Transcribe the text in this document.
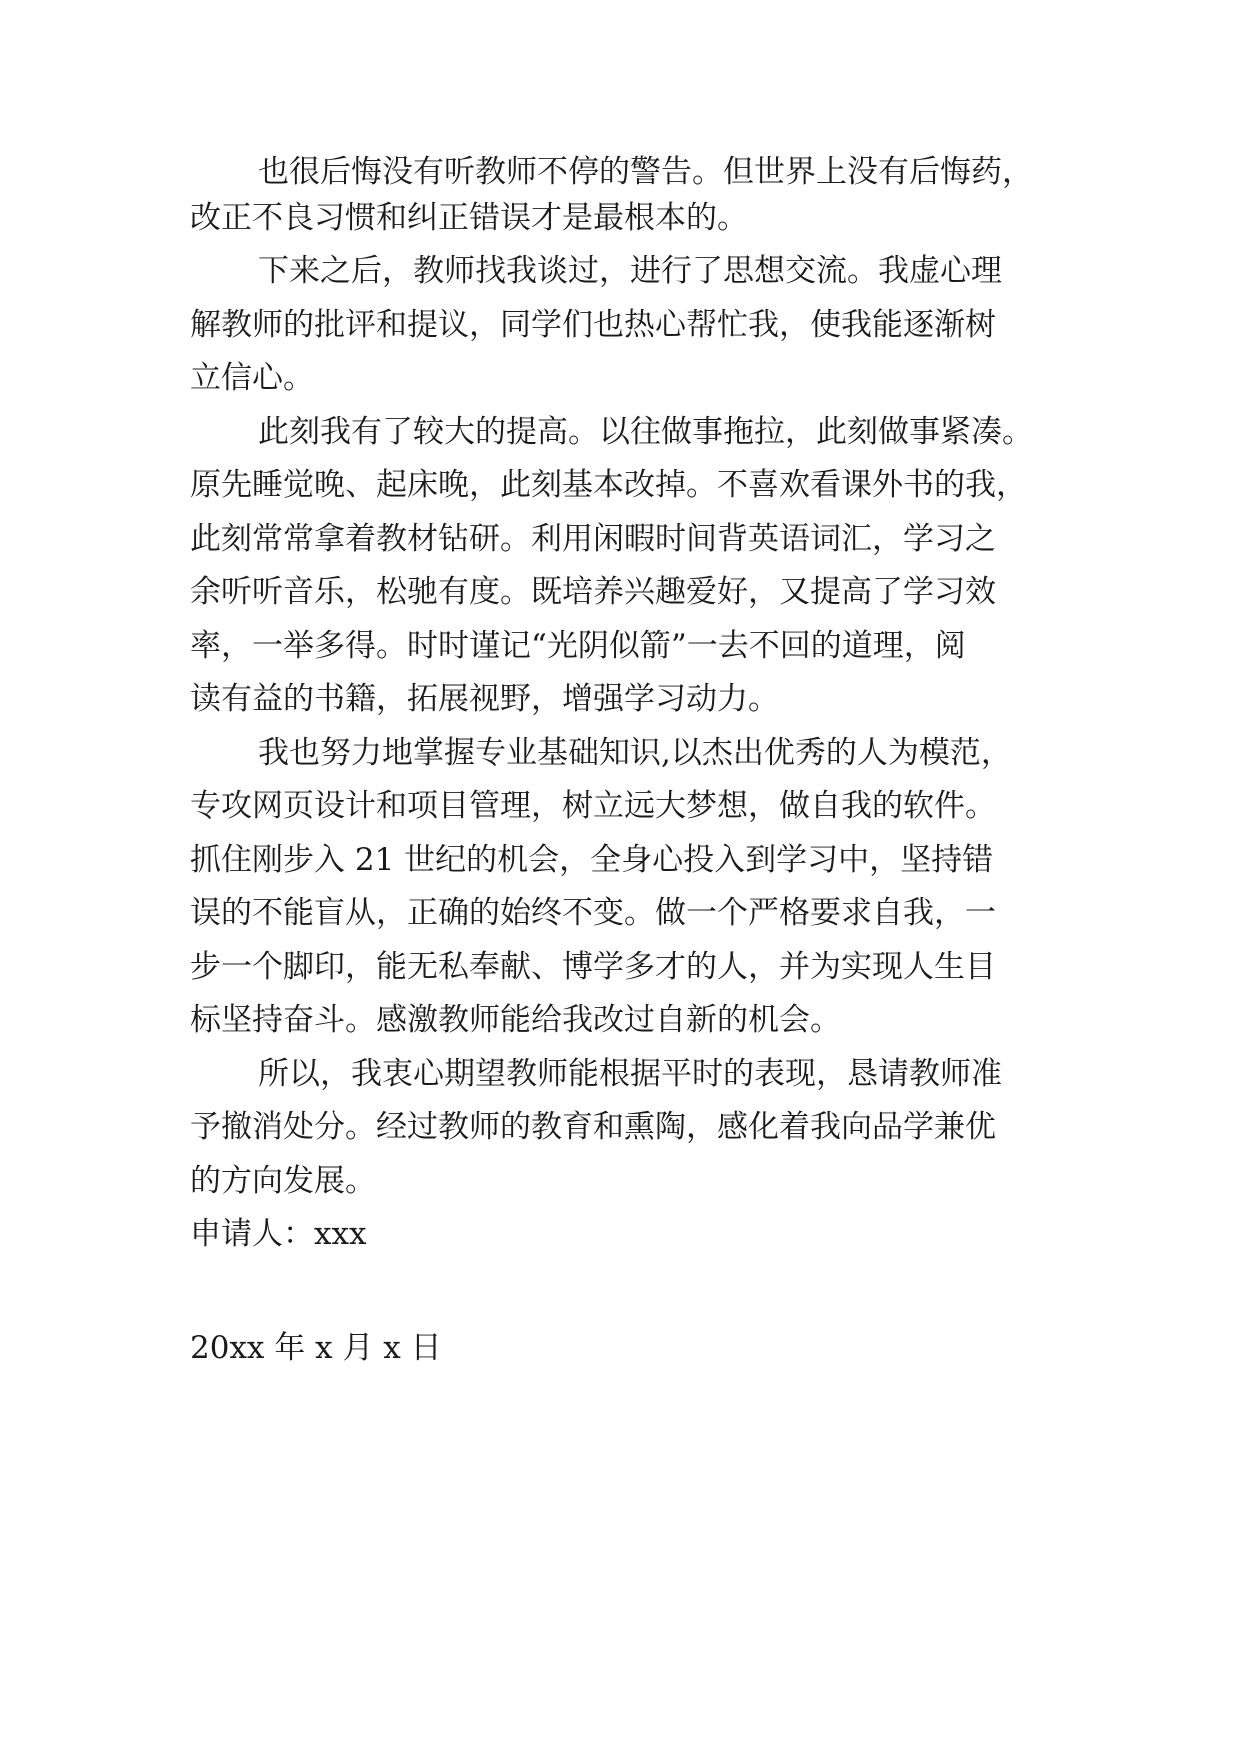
也很后悔没有听教师不停的警告。但世界上没有后悔药，

改正不良习惯和纠正错误才是最根本的。

下来之后，教师找我谈过，进行了思想交流。我虚心理

解教师的批评和提议，同学们也热心帮忙我，使我能逐渐树

立信心。

此刻我有了较大的提高。以往做事拖拉，此刻做事紧凑。

原先睡觉晚、起床晚，此刻基本改掉。不喜欢看课外书的我，

此刻常常拿着教材钻研。利用闲暇时间背英语词汇，学习之

余听听音乐，松驰有度。既培养兴趣爱好，又提高了学习效

率，一举多得。时时谨记“光阴似箭”一去不回的道理，阅

读有益的书籍，拓展视野，增强学习动力。

我也努力地掌握专业基础知识,以杰出优秀的人为模范，

专攻网页设计和项目管理，树立远大梦想，做自我的软件。

抓住刚步入 21 世纪的机会，全身心投入到学习中，坚持错

误的不能盲从，正确的始终不变。做一个严格要求自我，一

步一个脚印，能无私奉献、博学多才的人，并为实现人生目

标坚持奋斗。感激教师能给我改过自新的机会。

所以，我衷心期望教师能根据平时的表现，恳请教师准

予撤消处分。经过教师的教育和熏陶，感化着我向品学兼优

的方向发展。

申请人：xxx

20xx 年 x 月 x 日
